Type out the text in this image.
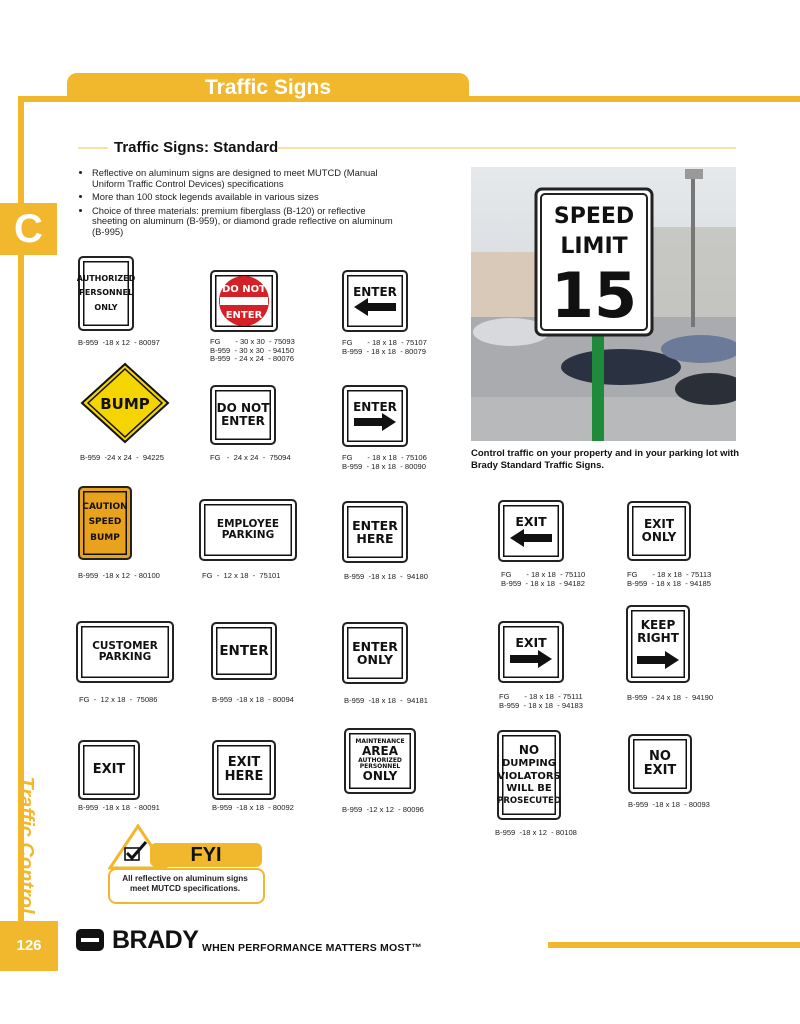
Traffic Signs
C
Traffic Control
126
Traffic Signs: Standard
• Reflective on aluminum signs are designed to meet MUTCD (Manual Uniform Traffic Control Devices) specifications
• More than 100 stock legends available in various sizes
• Choice of three materials: premium fiberglass (B-120) or reflective sheeting on aluminum (B-959), or diamond grade reflective on aluminum (B-995)
SPEED
LIMIT
15
Control traffic on your property and in your parking lot with Brady Standard Traffic Signs.
AUTHORIZED
PERSONNEL
ONLY
B-959  -18 x 12  - 80097
DO NOT
ENTER
FG       - 30 x 30  - 75093
B-959  - 30 x 30  - 94150
B-959  - 24 x 24  - 80076
ENTER
FG       - 18 x 18  - 75107
B-959  - 18 x 18  - 80079
BUMP
B-959  -24 x 24  -  94225
DO NOT
ENTER
FG   -  24 x 24  -  75094
ENTER
FG       - 18 x 18  - 75106
B-959  - 18 x 18  - 80090
CAUTION
SPEED
BUMP
B-959  -18 x 12  - 80100
EMPLOYEE
PARKING
FG  -  12 x 18  -  75101
ENTER
HERE
B-959  -18 x 18  -  94180
EXIT
FG       - 18 x 18  - 75110
B-959  - 18 x 18  - 94182
EXIT
ONLY
FG       - 18 x 18  - 75113
B-959  - 18 x 18  - 94185
CUSTOMER
PARKING
FG  -  12 x 18  -  75086
ENTER
B-959  -18 x 18  - 80094
ENTER
ONLY
B-959  -18 x 18  -  94181
EXIT
FG       - 18 x 18  - 75111
B-959  - 18 x 18  - 94183
KEEP
RIGHT
B-959  - 24 x 18  -  94190
EXIT
B-959  -18 x 18  - 80091
EXIT
HERE
B-959  -18 x 18  - 80092
MAINTENANCE
AREA
AUTHORIZED
PERSONNEL
ONLY
B-959  -12 x 12  - 80096
NO
DUMPING
VIOLATORS
WILL BE
PROSECUTED
B-959  -18 x 12  - 80108
NO
EXIT
B-959  -18 x 18  - 80093
FYI
All reflective on aluminum signs meet MUTCD specifications.
BRADY WHEN PERFORMANCE MATTERS MOST™
